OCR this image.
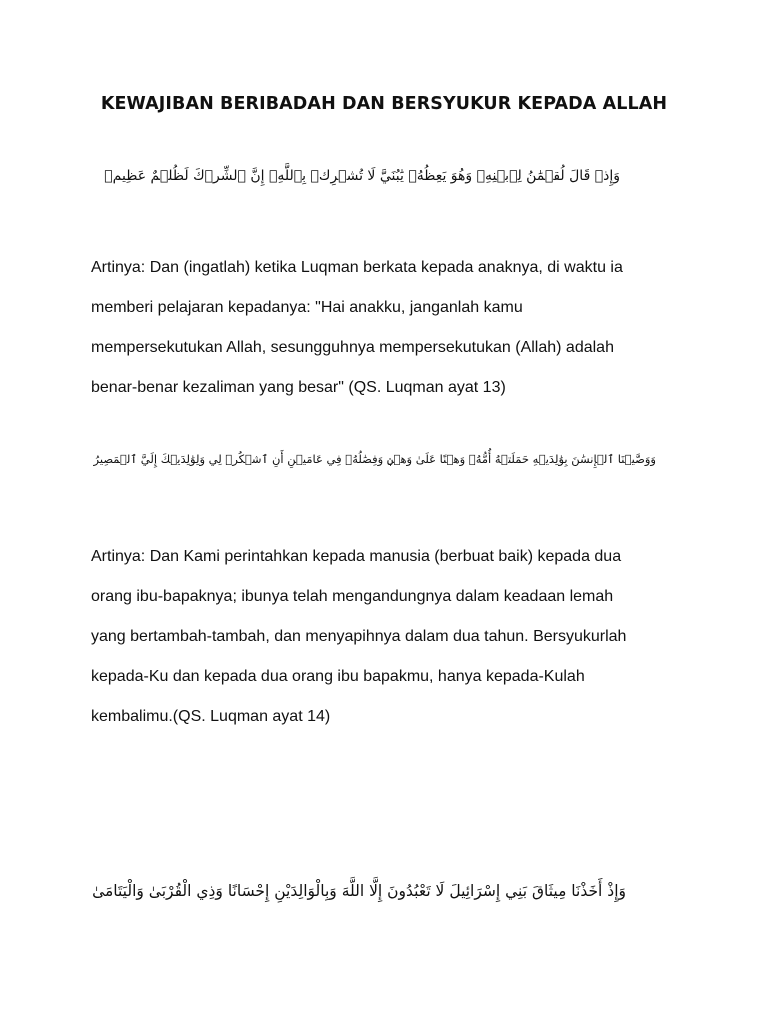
KEWAJIBAN BERIBADAH DAN BERSYUKUR KEPADA ALLAH
وَإِذۡ قَالَ لُقۡمَٰنُ لِٱبۡنِهِۦ وَهُوَ يَعِظُهُۥ يَٰبُنَيَّ لَا تُشۡرِكۡ بِٱللَّهِۖ إِنَّ ٱلشِّرۡكَ لَظُلۡمٌ عَظِيمٞ
Artinya: Dan (ingatlah) ketika Luqman berkata kepada anaknya, di waktu ia
memberi pelajaran kepadanya: "Hai anakku, janganlah kamu
mempersekutukan Allah, sesungguhnya mempersekutukan (Allah) adalah
benar-benar kezaliman yang besar" (QS. Luqman ayat 13)
وَوَصَّيۡنَا ٱلۡإِنسَٰنَ بِوَٰلِدَيۡهِ حَمَلَتۡهُ أُمُّهُۥ وَهۡنًا عَلَىٰ وَهۡنٖ وَفِصَٰلُهُۥ فِي عَامَيۡنِ أَنِ ٱشۡكُرۡ لِي وَلِوَٰلِدَيۡكَ إِلَيَّ ٱلۡمَصِيرُ
Artinya: Dan Kami perintahkan kepada manusia (berbuat baik) kepada dua
orang ibu-bapaknya; ibunya telah mengandungnya dalam keadaan lemah
yang bertambah-tambah, dan menyapihnya dalam dua tahun. Bersyukurlah
kepada-Ku dan kepada dua orang ibu bapakmu, hanya kepada-Kulah
kembalimu.(QS. Luqman ayat 14)
وَإِذْ أَخَذْنَا مِيثَاقَ بَنِي إِسْرَائِيلَ لَا تَعْبُدُونَ إِلَّا اللَّهَ وَبِالْوَالِدَيْنِ إِحْسَانًا وَذِي الْقُرْبَىٰ وَالْيَتَامَىٰ
